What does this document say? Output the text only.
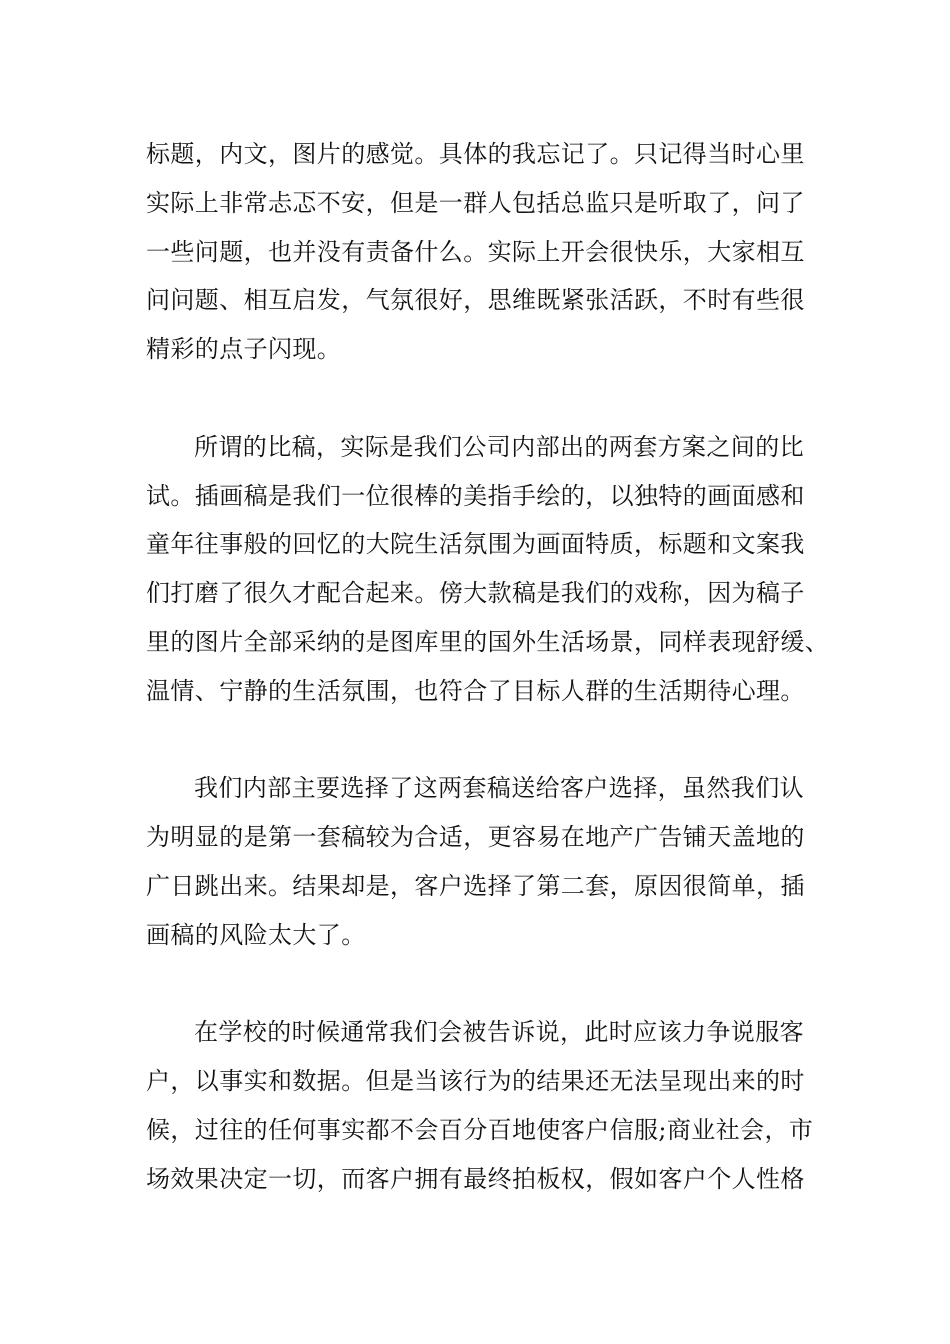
标题，内文，图片的感觉。具体的我忘记了。只记得当时心里
实际上非常忐忑不安，但是一群人包括总监只是听取了，问了
一些问题，也并没有责备什么。实际上开会很快乐，大家相互
问问题、相互启发，气氛很好，思维既紧张活跃，不时有些很
精彩的点子闪现。
所谓的比稿，实际是我们公司内部出的两套方案之间的比
试。插画稿是我们一位很棒的美指手绘的，以独特的画面感和
童年往事般的回忆的大院生活氛围为画面特质，标题和文案我
们打磨了很久才配合起来。傍大款稿是我们的戏称，因为稿子
里的图片全部采纳的是图库里的国外生活场景，同样表现舒缓、
温情、宁静的生活氛围，也符合了目标人群的生活期待心理。
我们内部主要选择了这两套稿送给客户选择，虽然我们认
为明显的是第一套稿较为合适，更容易在地产广告铺天盖地的
广日跳出来。结果却是，客户选择了第二套，原因很简单，插
画稿的风险太大了。
在学校的时候通常我们会被告诉说，此时应该力争说服客
户，以事实和数据。但是当该行为的结果还无法呈现出来的时
候，过往的任何事实都不会百分百地使客户信服;商业社会，市
场效果决定一切，而客户拥有最终拍板权，假如客户个人性格
